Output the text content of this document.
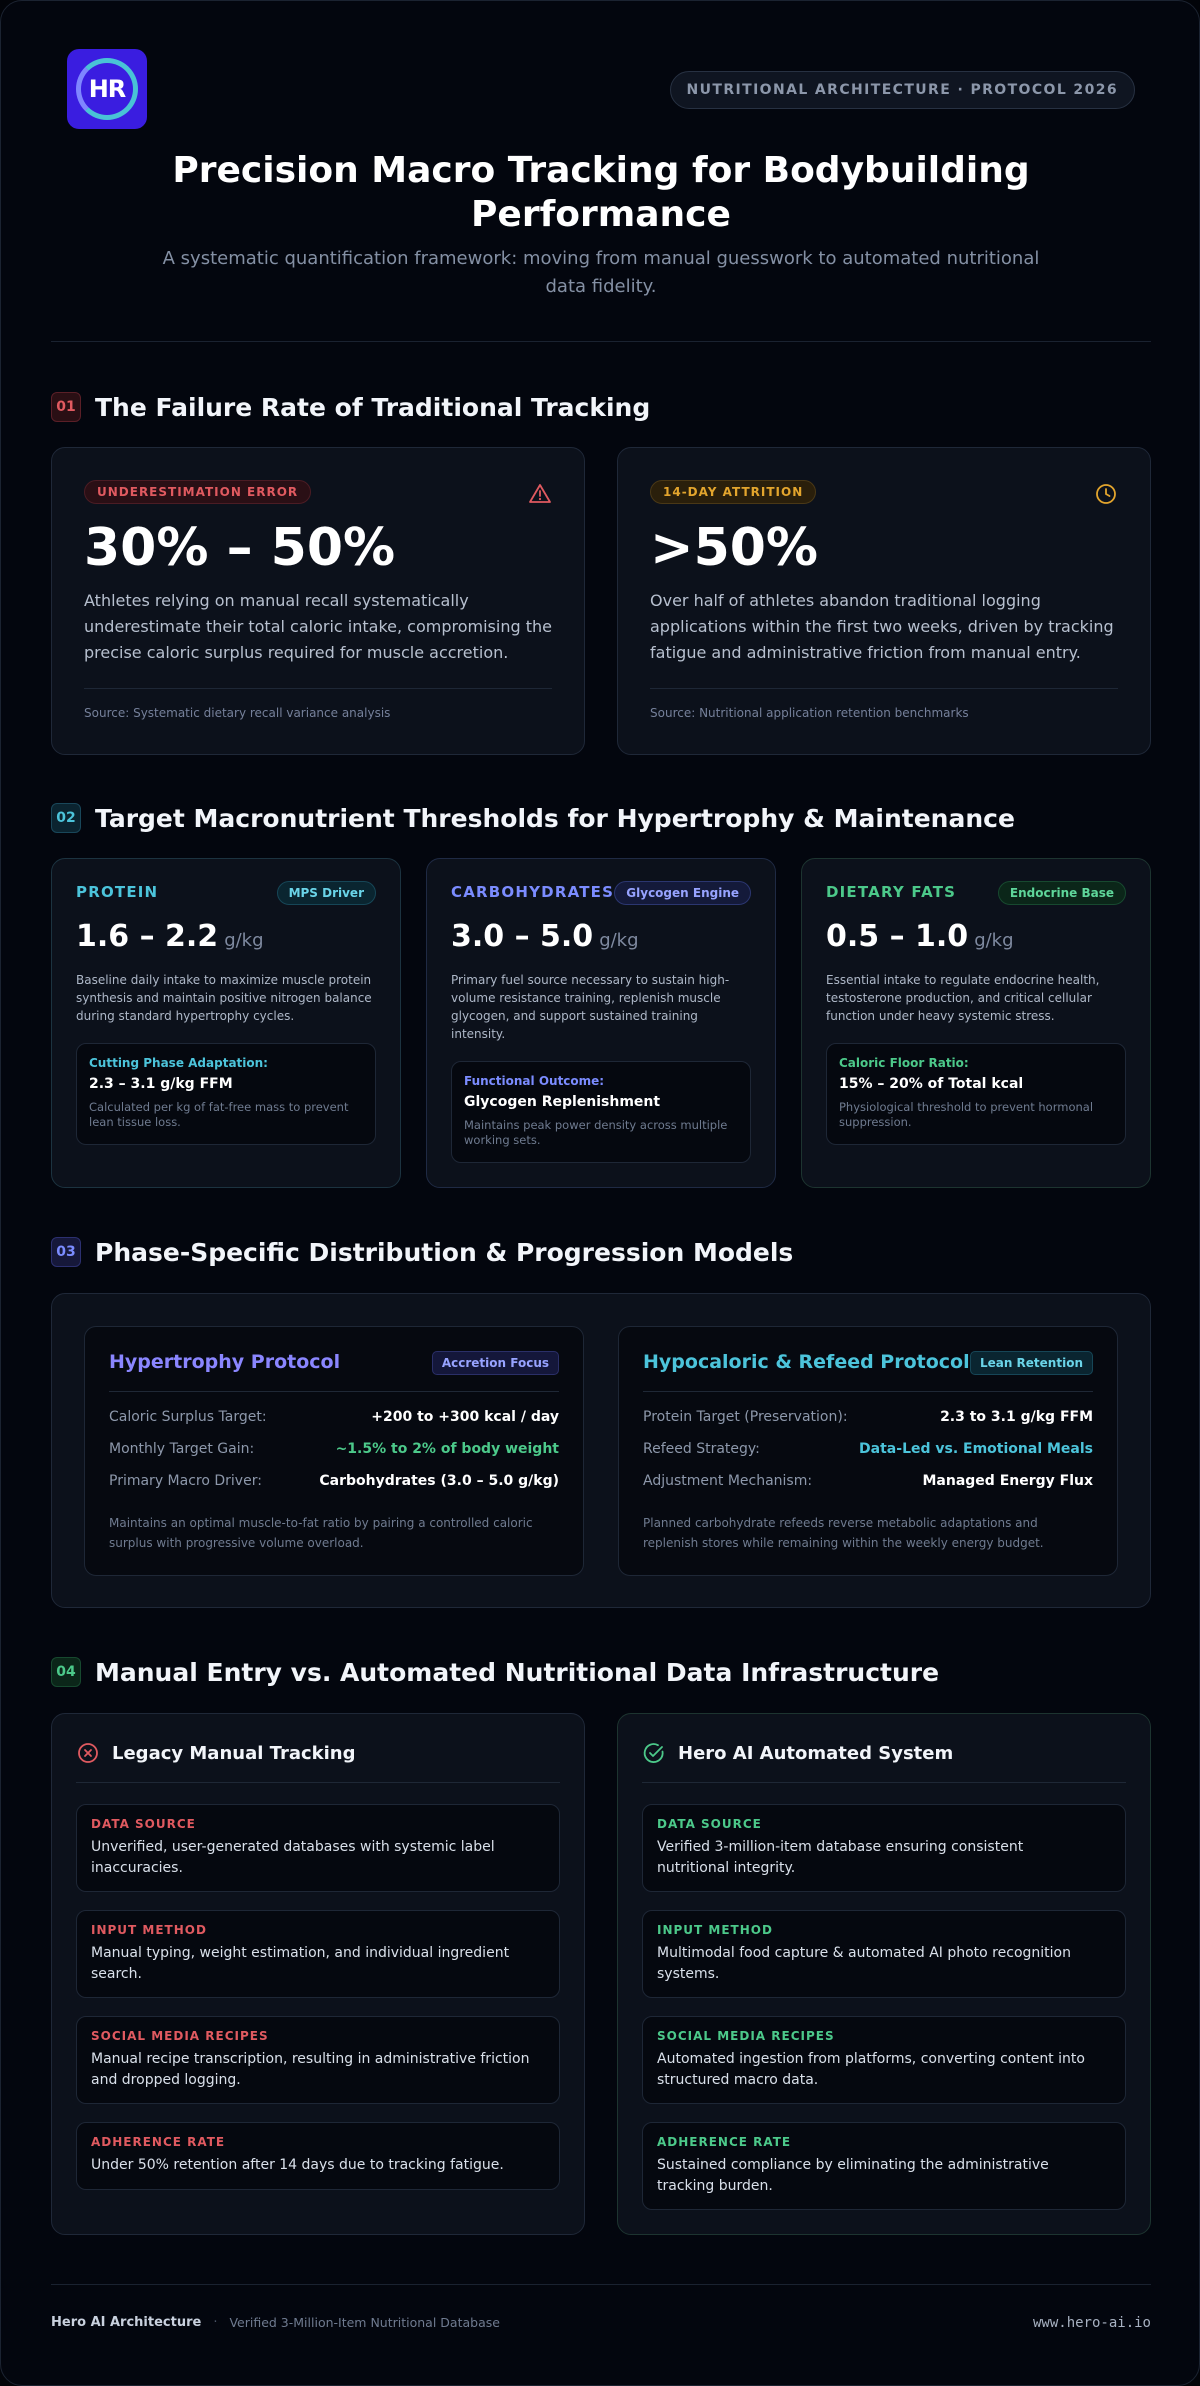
HR	NUTRITIONAL ARCHITECTURE · PROTOCOL 2026
Precision Macro Tracking for Bodybuilding Performance

A systematic quantification framework: moving from manual guesswork to automated nutritional data fidelity.

01 The Failure Rate of Traditional Tracking
UNDERESTIMATION ERROR
30% – 50%

Athletes relying on manual recall systematically underestimate their total caloric intake, compromising the precise caloric surplus required for muscle accretion.

Source: Systematic dietary recall variance analysis
14-DAY ATTRITION
>50%

Over half of athletes abandon traditional logging applications within the first two weeks, driven by tracking fatigue and administrative friction from manual entry.

Source: Nutritional application retention benchmarks
02 Target Macronutrient Thresholds for Hypertrophy & Maintenance
PROTEIN	MPS Driver
1.6 – 2.2 g/kg

Baseline daily intake to maximize muscle protein synthesis and maintain positive nitrogen balance during standard hypertrophy cycles.

Cutting Phase Adaptation:
2.3 – 3.1 g/kg FFM
Calculated per kg of fat-free mass to prevent lean tissue loss.
CARBOHYDRATES	Glycogen Engine
3.0 – 5.0 g/kg

Primary fuel source necessary to sustain high-volume resistance training, replenish muscle glycogen, and support sustained training intensity.

Functional Outcome:
Glycogen Replenishment
Maintains peak power density across multiple working sets.
DIETARY FATS	Endocrine Base
0.5 – 1.0 g/kg

Essential intake to regulate endocrine health, testosterone production, and critical cellular function under heavy systemic stress.

Caloric Floor Ratio:
15% – 20% of Total kcal
Physiological threshold to prevent hormonal suppression.
03 Phase-Specific Distribution & Progression Models
Hypertrophy Protocol	Accretion Focus
Caloric Surplus Target:	+200 to +300 kcal / day
Monthly Target Gain:	~1.5% to 2% of body weight
Primary Macro Driver:	Carbohydrates (3.0 – 5.0 g/kg)

Maintains an optimal muscle-to-fat ratio by pairing a controlled caloric surplus with progressive volume overload.

Hypocaloric & Refeed Protocol Lean Retention
Protein Target (Preservation):	2.3 to 3.1 g/kg FFM
Refeed Strategy:	Data-Led vs. Emotional Meals
Adjustment Mechanism:	Managed Energy Flux

Planned carbohydrate refeeds reverse metabolic adaptations and replenish stores while remaining within the weekly energy budget.

04 Manual Entry vs. Automated Nutritional Data Infrastructure
Legacy Manual Tracking
DATA SOURCE
Unverified, user-generated databases with systemic label inaccuracies.
INPUT METHOD
Manual typing, weight estimation, and individual ingredient search.
SOCIAL MEDIA RECIPES
Manual recipe transcription, resulting in administrative friction and dropped logging.
ADHERENCE RATE
Under 50% retention after 14 days due to tracking fatigue.
Hero AI Automated System
DATA SOURCE
Verified 3-million-item database ensuring consistent nutritional integrity.
INPUT METHOD
Multimodal food capture & automated AI photo recognition systems.
SOCIAL MEDIA RECIPES
Automated ingestion from platforms, converting content into structured macro data.
ADHERENCE RATE
Sustained compliance by eliminating the administrative tracking burden.
Hero AI Architecture · Verified 3-Million-Item Nutritional Database	www.hero-ai.io
